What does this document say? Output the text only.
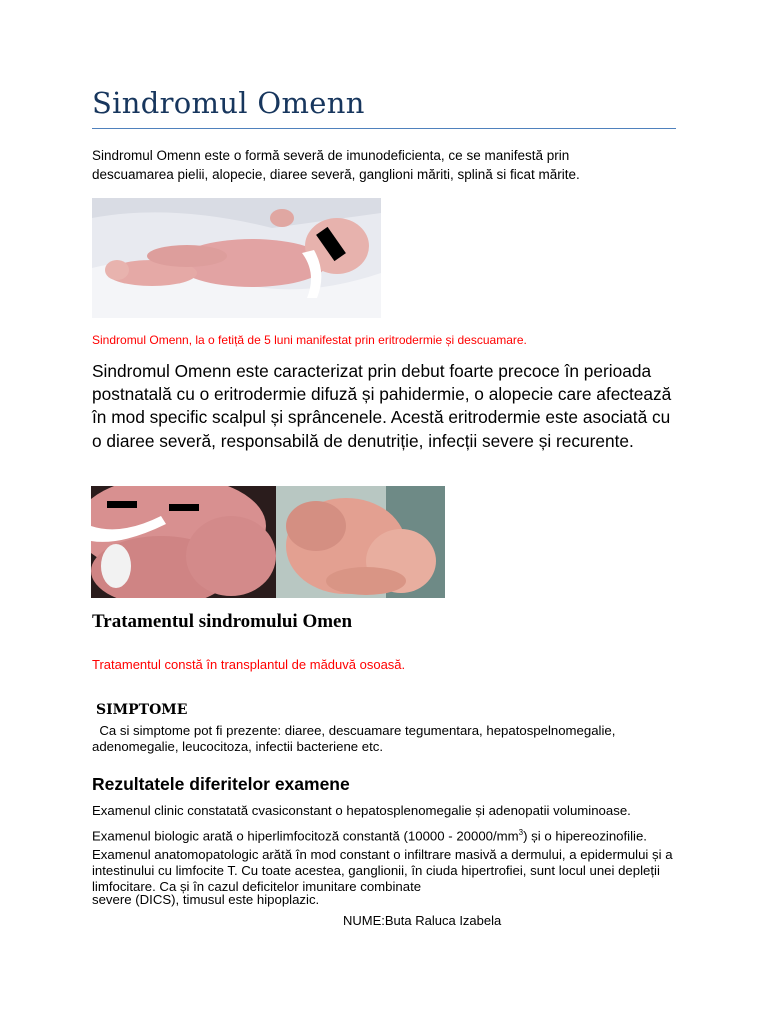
Sindromul Omenn

Sindromul Omenn este o formă severă de imunodeficienta, ce se manifestă prin descuamarea pielii, alopecie, diaree severă, ganglioni măriti, splină si ficat mărite.

Sindromul Omenn, la o fetiță de 5 luni manifestat prin eritrodermie și descuamare.

Sindromul Omenn este caracterizat prin debut foarte precoce în perioada postnatală cu o eritrodermie difuză și pahidermie, o alopecie care afectează în mod specific scalpul și sprâncenele. Acestă eritrodermie este asociată cu o diaree severă, responsabilă de denutriție, infecții severe și recurente.

Tratamentul sindromului Omen

Tratamentul constă în transplantul de măduvă osoasă.

SIMPTOME

Ca si simptome pot fi prezente: diaree, descuamare tegumentara, hepatospelnomegalie, adenomegalie, leucocitoza, infectii bacteriene etc.

Rezultatele diferitelor examene

Examenul clinic constatată cvasiconstant o hepatosplenomegalie și adenopatii voluminoase.

Examenul biologic arată o hiperlimfocitoză constantă $(10000 - 20000/mm^3)$ și o hipereozinofilie.

Examenul anatomopatologic arătă în mod constant o infiltrare masivă a dermului, a epidermului și a intestinului cu limfocite T. Cu toate acestea, ganglionii, în ciuda hipertrofiei, sunt locul unei depleții limfocitare. Ca și în cazul deficitelor imunitare combinate

severe (DICS), timusul este hipoplazic.

NUME:Buta Raluca Izabela
